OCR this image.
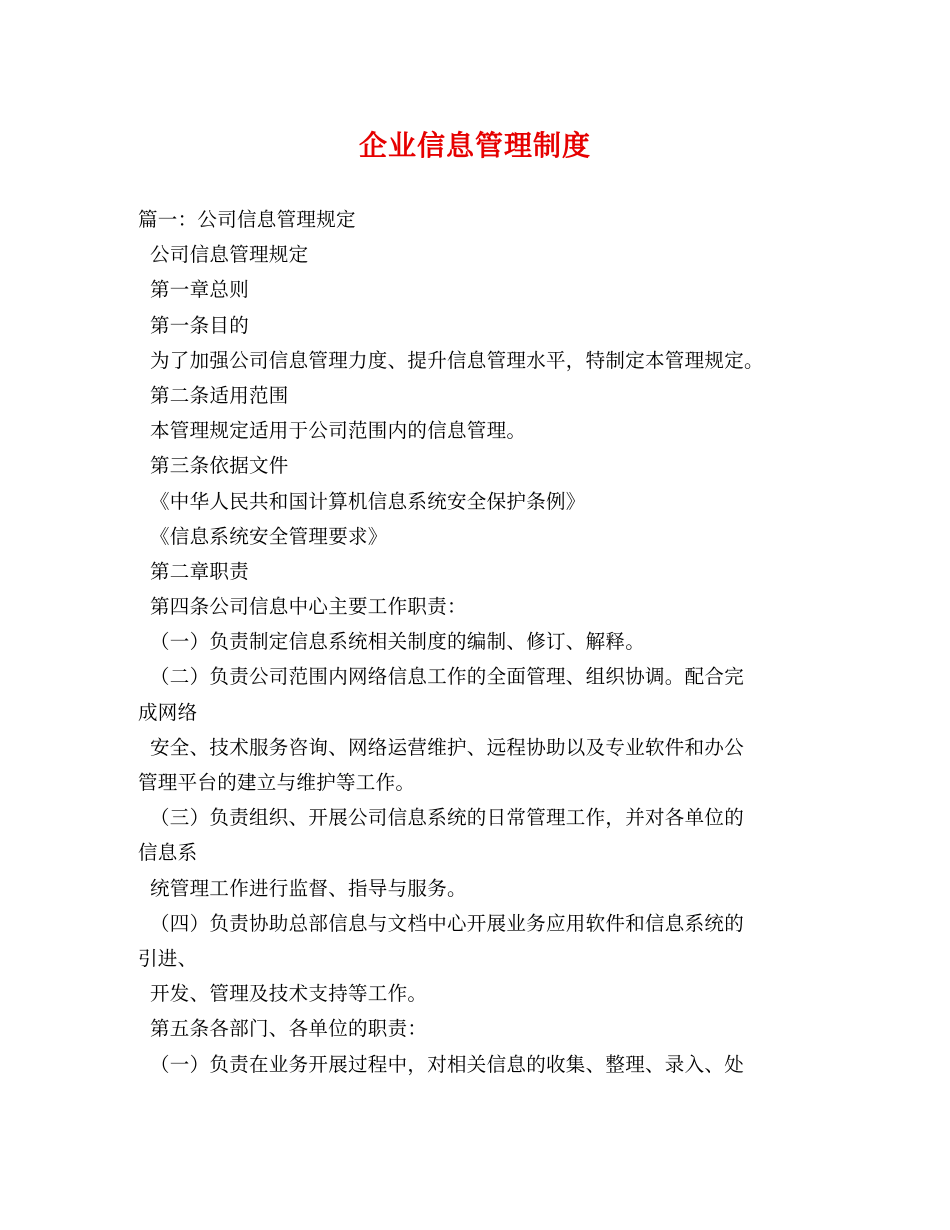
企业信息管理制度
篇一：公司信息管理规定
公司信息管理规定
第一章总则
第一条目的
为了加强公司信息管理力度、提升信息管理水平，特制定本管理规定。
第二条适用范围
本管理规定适用于公司范围内的信息管理。
第三条依据文件
《中华人民共和国计算机信息系统安全保护条例》
《信息系统安全管理要求》
第二章职责
第四条公司信息中心主要工作职责：
（一）负责制定信息系统相关制度的编制、修订、解释。
（二）负责公司范围内网络信息工作的全面管理、组织协调。配合完
成网络
安全、技术服务咨询、网络运营维护、远程协助以及专业软件和办公
管理平台的建立与维护等工作。
（三）负责组织、开展公司信息系统的日常管理工作，并对各单位的
信息系
统管理工作进行监督、指导与服务。
（四）负责协助总部信息与文档中心开展业务应用软件和信息系统的
引进、
开发、管理及技术支持等工作。
第五条各部门、各单位的职责：
（一）负责在业务开展过程中，对相关信息的收集、整理、录入、处
